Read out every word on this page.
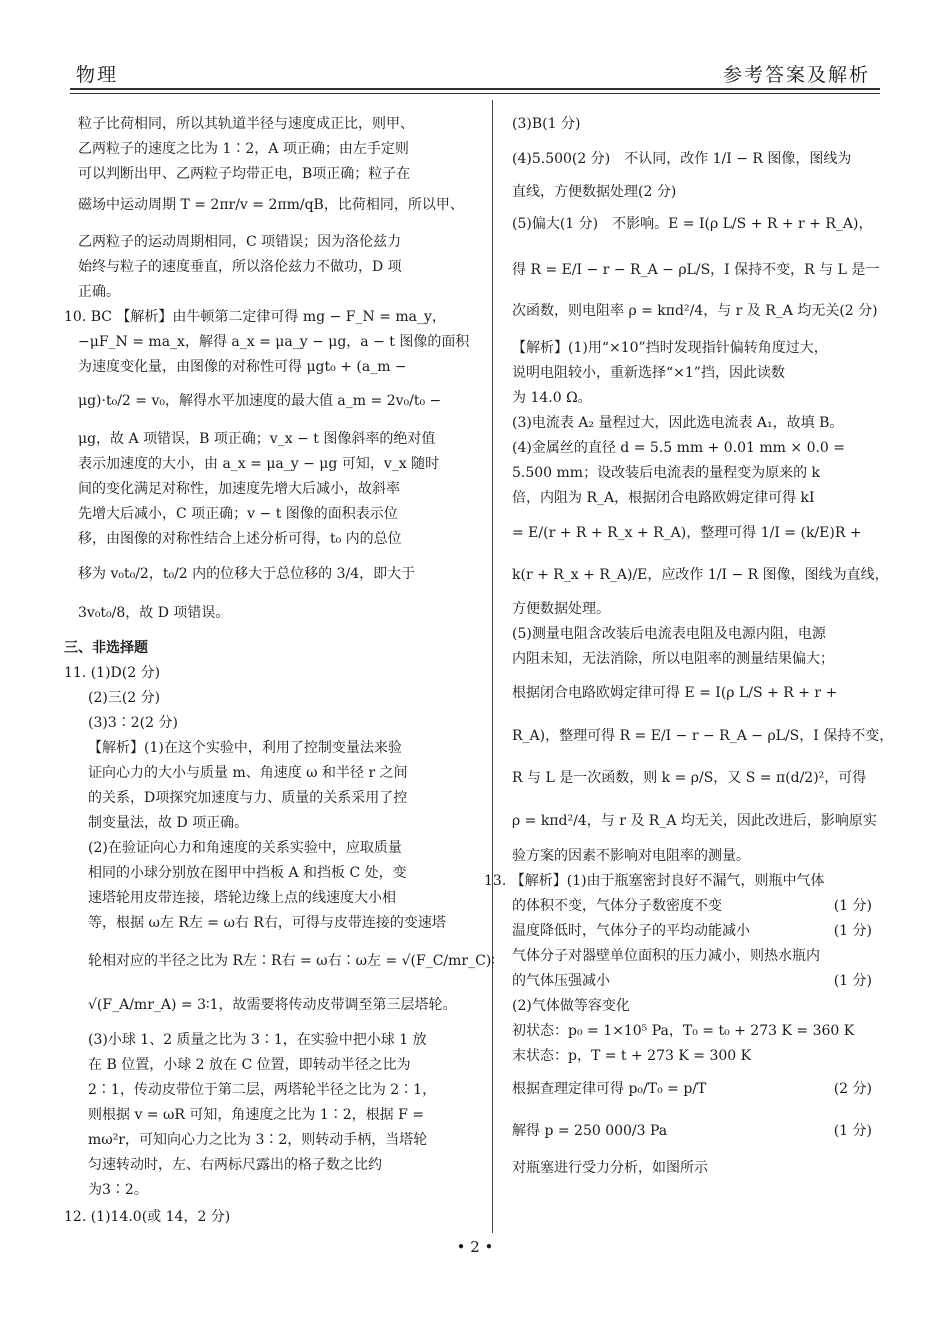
物理	参考答案及解析
粒子比荷相同，所以其轨道半径与速度成正比，则甲、
乙两粒子的速度之比为 1∶2，A 项正确；由左手定则
可以判断出甲、乙两粒子均带正电，B项正确；粒子在
磁场中运动周期 T = 2πr/v = 2πm/qB，比荷相同，所以甲、
乙两粒子的运动周期相同，C 项错误；因为洛伦兹力
始终与粒子的速度垂直，所以洛伦兹力不做功，D 项
正确。
10. BC 【解析】由牛顿第二定律可得 mg − F_N = ma_y，
−μF_N = ma_x，解得 a_x = μa_y − μg，a − t 图像的面积
为速度变化量，由图像的对称性可得 μgt₀ + (a_m −
μg)·t₀/2 = v₀，解得水平加速度的最大值 a_m = 2v₀/t₀ −
μg，故 A 项错误，B 项正确；v_x − t 图像斜率的绝对值
表示加速度的大小，由 a_x = μa_y − μg 可知，v_x 随时
间的变化满足对称性，加速度先增大后减小，故斜率
先增大后减小，C 项正确；v − t 图像的面积表示位
移，由图像的对称性结合上述分析可得，t₀ 内的总位
移为 v₀t₀/2，t₀/2 内的位移大于总位移的 3/4，即大于
3v₀t₀/8，故 D 项错误。
三、非选择题
11. (1)D(2 分)
(2)三(2 分)
(3)3∶2(2 分)
【解析】(1)在这个实验中，利用了控制变量法来验
证向心力的大小与质量 m、角速度 ω 和半径 r 之间
的关系，D项探究加速度与力、质量的关系采用了控
制变量法，故 D 项正确。
(2)在验证向心力和角速度的关系实验中，应取质量
相同的小球分别放在图甲中挡板 A 和挡板 C 处，变
速塔轮用皮带连接，塔轮边缘上点的线速度大小相
等，根据 ω左 R左 = ω右 R右，可得与皮带连接的变速塔
轮相对应的半径之比为 R左∶R右 = ω右∶ω左 = √(F_C/mr_C)∶
√(F_A/mr_A) = 3∶1，故需要将传动皮带调至第三层塔轮。
(3)小球 1、2 质量之比为 3∶1，在实验中把小球 1 放
在 B 位置，小球 2 放在 C 位置，即转动半径之比为
2∶1，传动皮带位于第二层，两塔轮半径之比为 2∶1，
则根据 v = ωR 可知，角速度之比为 1∶2，根据 F =
mω²r，可知向心力之比为 3∶2，则转动手柄，当塔轮
匀速转动时，左、右两标尺露出的格子数之比约
为3∶2。
12. (1)14.0(或 14，2 分)
(3)B(1 分)
(4)5.500(2 分)　不认同，改作 1/I − R 图像，图线为
直线，方便数据处理(2 分)
(5)偏大(1 分)　不影响。E = I(ρ L/S + R + r + R_A)，
得 R = E/I − r − R_A − ρL/S，I 保持不变，R 与 L 是一
次函数，则电阻率 ρ = kπd²/4，与 r 及 R_A 均无关(2 分)
【解析】(1)用“×10”挡时发现指针偏转角度过大，
说明电阻较小，重新选择“×1”挡，因此读数
为 14.0 Ω。
(3)电流表 A₂ 量程过大，因此选电流表 A₁，故填 B。
(4)金属丝的直径 d = 5.5 mm + 0.01 mm × 0.0 =
5.500 mm；设改装后电流表的量程变为原来的 k
倍，内阻为 R_A，根据闭合电路欧姆定律可得 kI
= E/(r + R + R_x + R_A)，整理可得 1/I = (k/E)R +
k(r + R_x + R_A)/E，应改作 1/I − R 图像，图线为直线，
方便数据处理。
(5)测量电阻含改装后电流表电阻及电源内阻，电源
内阻未知，无法消除，所以电阻率的测量结果偏大；
根据闭合电路欧姆定律可得 E = I(ρ L/S + R + r +
R_A)，整理可得 R = E/I − r − R_A − ρL/S，I 保持不变，
R 与 L 是一次函数，则 k = ρ/S，又 S = π(d/2)²，可得
ρ = kπd²/4，与 r 及 R_A 均无关，因此改进后，影响原实
验方案的因素不影响对电阻率的测量。
13. 【解析】(1)由于瓶塞密封良好不漏气，则瓶中气体
的体积不变，气体分子数密度不变	(1 分)
温度降低时，气体分子的平均动能减小	(1 分)
气体分子对器壁单位面积的压力减小，则热水瓶内
的气体压强减小	(1 分)
(2)气体做等容变化
初状态：p₀ = 1×10⁵ Pa，T₀ = t₀ + 273 K = 360 K
末状态：p，T = t + 273 K = 300 K
根据查理定律可得 p₀/T₀ = p/T	(2 分)
解得 p = 250 000/3 Pa	(1 分)
对瓶塞进行受力分析，如图所示
• 2 •
